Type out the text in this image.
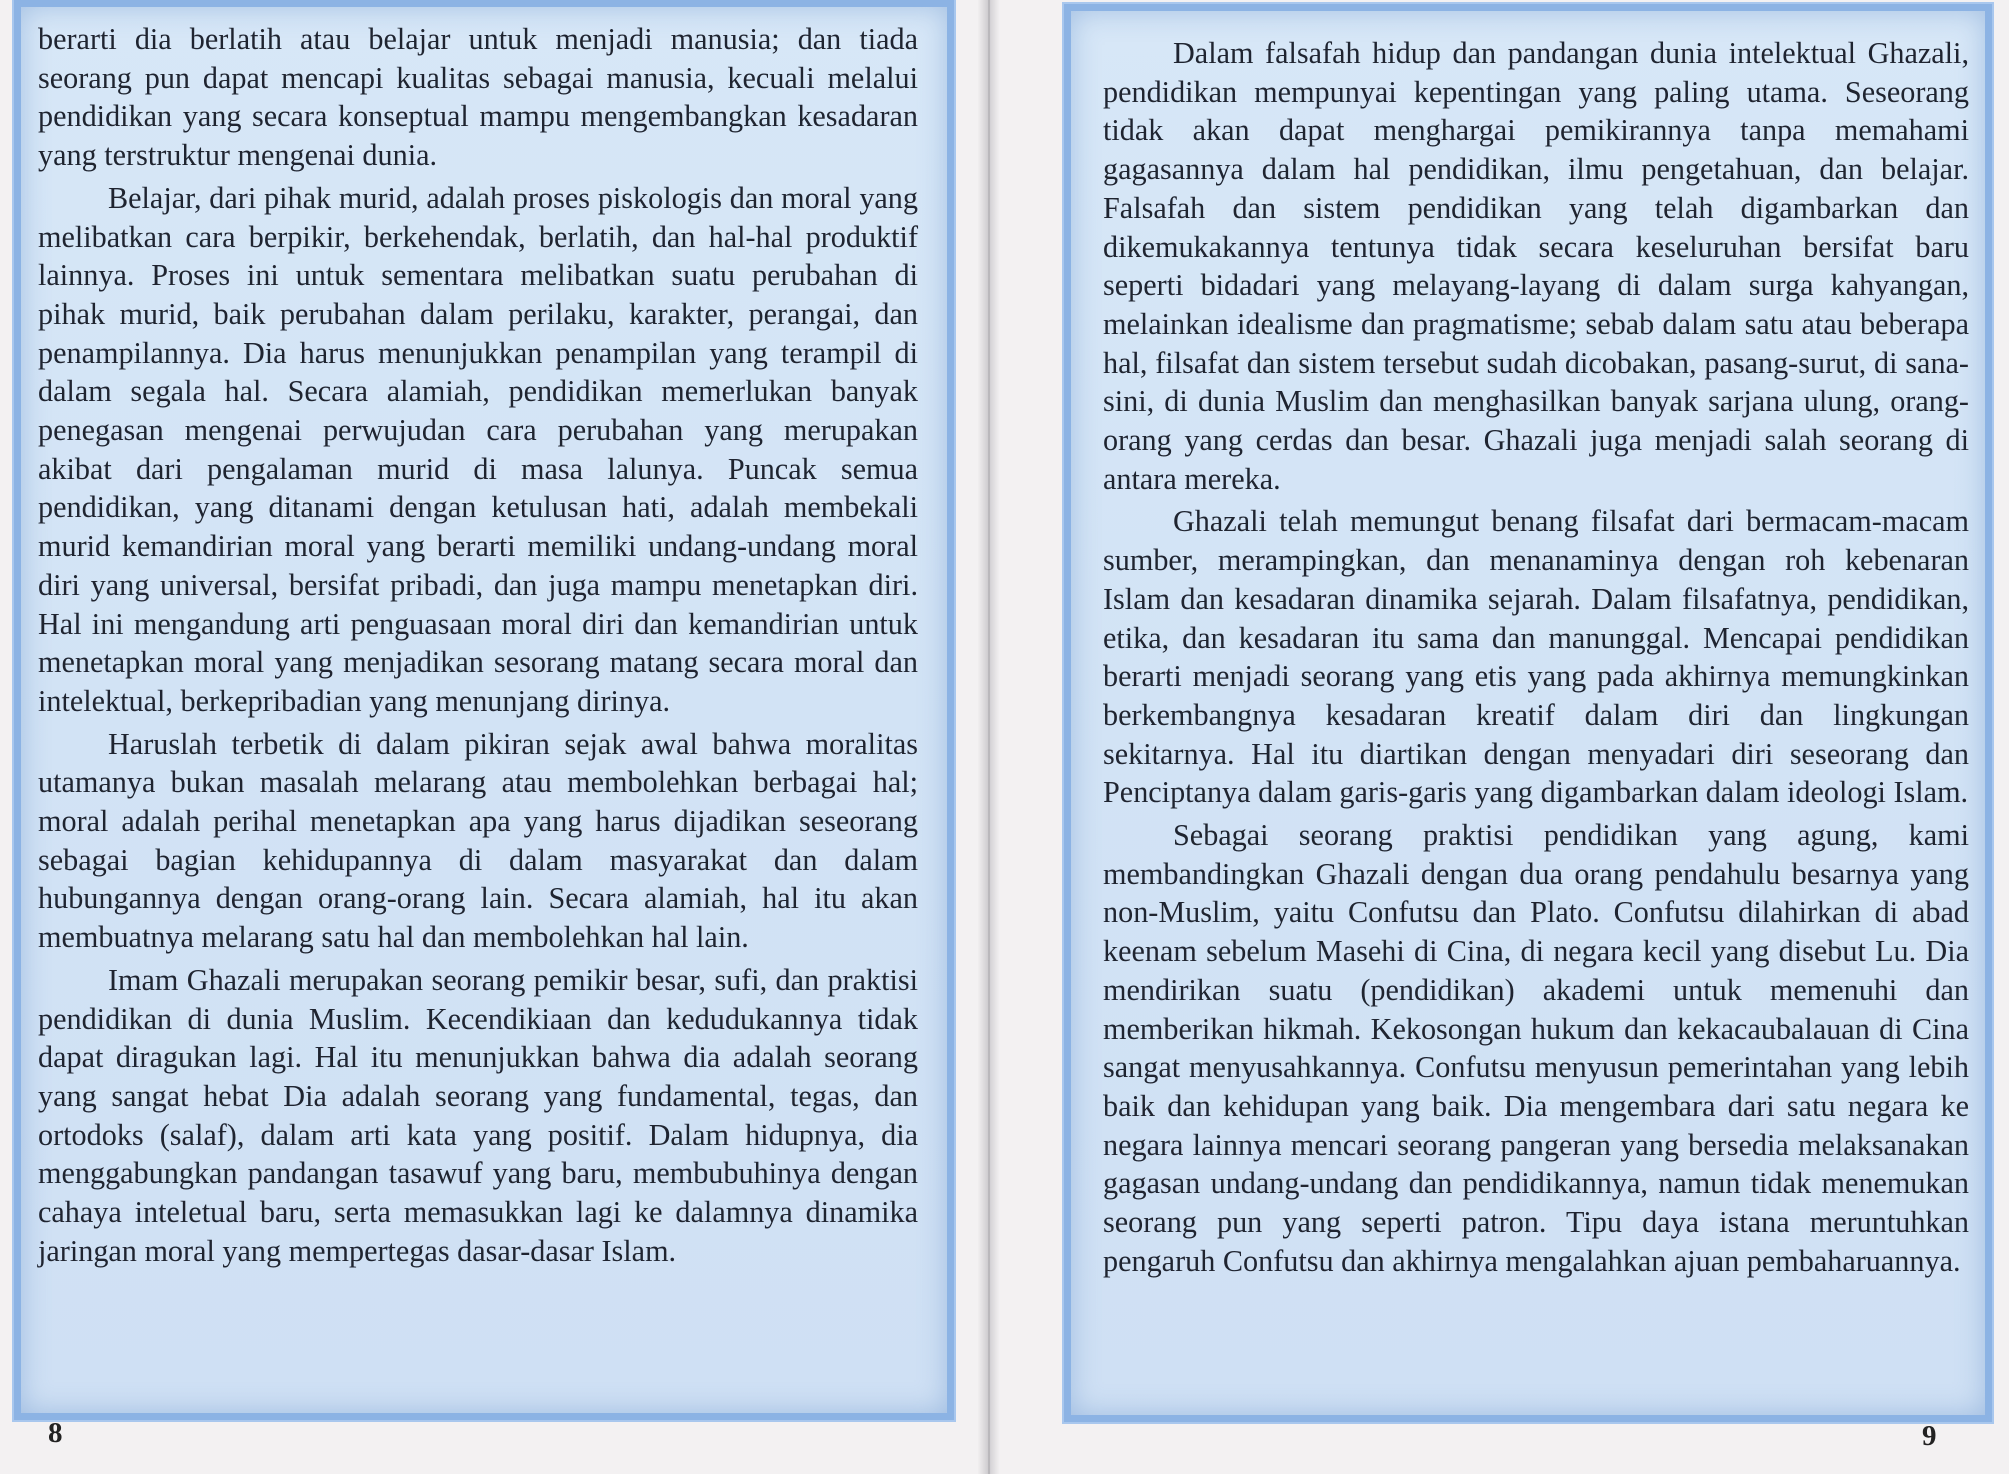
berarti dia berlatih atau belajar untuk menjadi manusia; dan tiada seorang pun dapat mencapi kualitas sebagai manusia, kecuali melalui pendidikan yang secara konseptual mampu mengembangkan kesadaran yang terstruktur mengenai dunia.

Belajar, dari pihak murid, adalah proses piskologis dan moral yang melibatkan cara berpikir, berkehendak, berlatih, dan hal-hal produktif lainnya. Proses ini untuk sementara melibatkan suatu perubahan di pihak murid, baik perubahan dalam perilaku, karakter, perangai, dan penampilannya. Dia harus menunjukkan penampilan yang terampil di dalam segala hal. Secara alamiah, pendidikan memerlukan banyak penegasan mengenai perwujudan cara perubahan yang merupakan akibat dari pengalaman murid di masa lalunya. Puncak semua pendidikan, yang ditanami dengan ketulusan hati, adalah membekali murid kemandirian moral yang berarti memiliki undang-undang moral diri yang universal, bersifat pribadi, dan juga mampu menetapkan diri. Hal ini mengandung arti penguasaan moral diri dan kemandirian untuk menetapkan moral yang menjadikan sesorang matang secara moral dan intelektual, berkepribadian yang menunjang dirinya.

Haruslah terbetik di dalam pikiran sejak awal bahwa moralitas utamanya bukan masalah melarang atau membolehkan berbagai hal; moral adalah perihal menetapkan apa yang harus dijadikan seseorang sebagai bagian kehidupannya di dalam masyarakat dan dalam hubungannya dengan orang-orang lain. Secara alamiah, hal itu akan membuatnya melarang satu hal dan membolehkan hal lain.

Imam Ghazali merupakan seorang pemikir besar, sufi, dan praktisi pendidikan di dunia Muslim. Kecendikiaan dan kedudukannya tidak dapat diragukan lagi. Hal itu menunjukkan bahwa dia adalah seorang yang sangat hebat Dia adalah seorang yang fundamental, tegas, dan ortodoks (salaf), dalam arti kata yang positif. Dalam hidupnya, dia menggabungkan pandangan tasawuf yang baru, membubuhinya dengan cahaya inteletual baru, serta memasukkan lagi ke dalamnya dinamika jaringan moral yang mempertegas dasar-dasar Islam.

Dalam falsafah hidup dan pandangan dunia intelektual Ghazali, pendidikan mempunyai kepentingan yang paling utama. Seseorang tidak akan dapat menghargai pemikirannya tanpa memahami gagasannya dalam hal pendidikan, ilmu pengetahuan, dan belajar. Falsafah dan sistem pendidikan yang telah digambarkan dan dikemukakannya tentunya tidak secara keseluruhan bersifat baru seperti bidadari yang melayang-layang di dalam surga kahyangan, melainkan idealisme dan pragmatisme; sebab dalam satu atau beberapa hal, filsafat dan sistem tersebut sudah dicobakan, pasang-surut, di sana-sini, di dunia Muslim dan menghasilkan banyak sarjana ulung, orang-orang yang cerdas dan besar. Ghazali juga menjadi salah seorang di antara mereka.

Ghazali telah memungut benang filsafat dari bermacam-macam sumber, merampingkan, dan menanaminya dengan roh kebenaran Islam dan kesadaran dinamika sejarah. Dalam filsafatnya, pendidikan, etika, dan kesadaran itu sama dan manunggal. Mencapai pendidikan berarti menjadi seorang yang etis yang pada akhirnya memungkinkan berkembangnya kesadaran kreatif dalam diri dan lingkungan sekitarnya. Hal itu diartikan dengan menyadari diri seseorang dan Penciptanya dalam garis-garis yang digambarkan dalam ideologi Islam.

Sebagai seorang praktisi pendidikan yang agung, kami membandingkan Ghazali dengan dua orang pendahulu besarnya yang non-Muslim, yaitu Confutsu dan Plato. Confutsu dilahirkan di abad keenam sebelum Masehi di Cina, di negara kecil yang disebut Lu. Dia mendirikan suatu (pendidikan) akademi untuk memenuhi dan memberikan hikmah. Kekosongan hukum dan kekacaubalauan di Cina sangat menyusahkannya. Confutsu menyusun pemerintahan yang lebih baik dan kehidupan yang baik. Dia mengembara dari satu negara ke negara lainnya mencari seorang pangeran yang bersedia melaksanakan gagasan undang-undang dan pendidikannya, namun tidak menemukan seorang pun yang seperti patron. Tipu daya istana meruntuhkan pengaruh Confutsu dan akhirnya mengalahkan ajuan pembaharuannya.

8	9
